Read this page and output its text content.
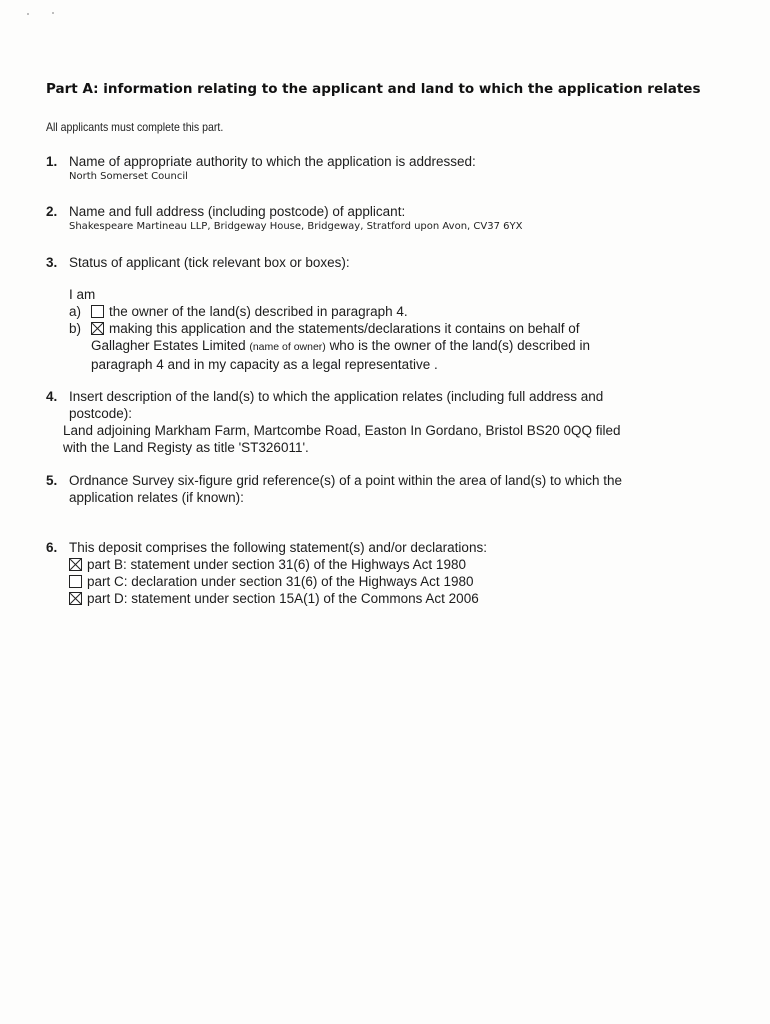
Part A: information relating to the applicant and land to which the application relates
All applicants must complete this part.
1. Name of appropriate authority to which the application is addressed:
North Somerset Council
2. Name and full address (including postcode) of applicant:
Shakespeare Martineau LLP, Bridgeway House, Bridgeway, Stratford upon Avon, CV37 6YX
3. Status of applicant (tick relevant box or boxes):
I am
a) the owner of the land(s) described in paragraph 4.
b) making this application and the statements/declarations it contains on behalf of
Gallagher Estates Limited (name of owner) who is the owner of the land(s) described in
paragraph 4 and in my capacity as a legal representative .
4. Insert description of the land(s) to which the application relates (including full address and
postcode):
Land adjoining Markham Farm, Martcombe Road, Easton In Gordano, Bristol BS20 0QQ filed
with the Land Registy as title 'ST326011'.
5. Ordnance Survey six-figure grid reference(s) of a point within the area of land(s) to which the
application relates (if known):
6. This deposit comprises the following statement(s) and/or declarations:
part B: statement under section 31(6) of the Highways Act 1980
part C: declaration under section 31(6) of the Highways Act 1980
part D: statement under section 15A(1) of the Commons Act 2006
